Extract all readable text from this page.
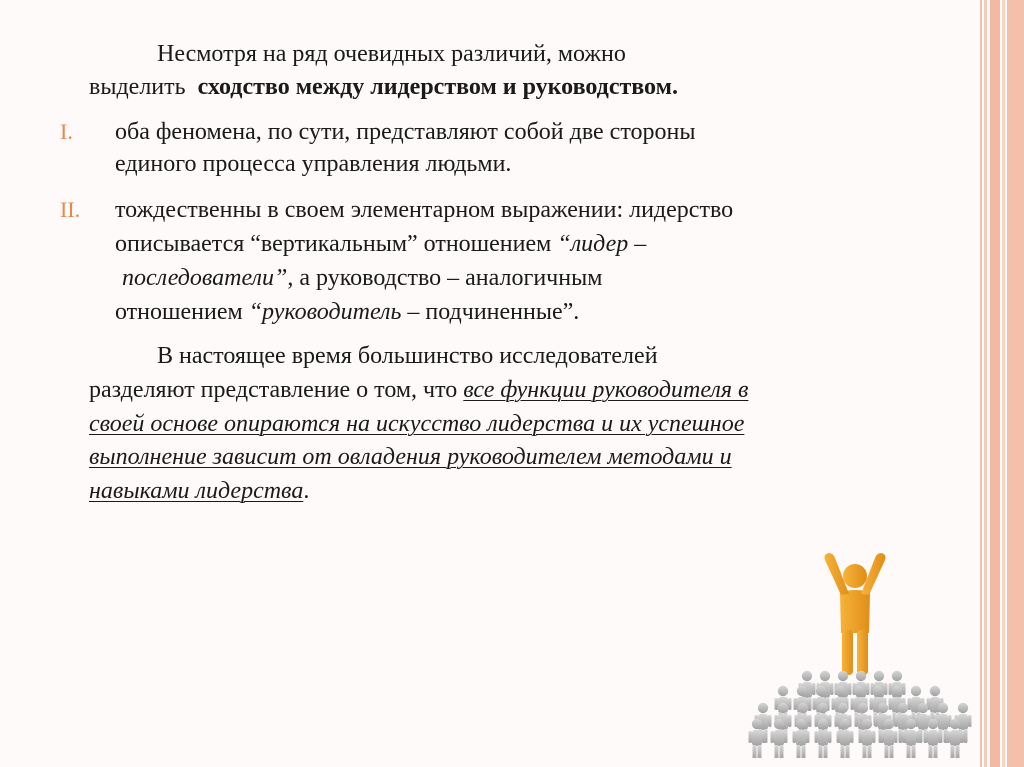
Несмотря на ряд очевидных различий, можно
выделить сходство между лидерством и руководством.
I. оба феномена, по сути, представляют собой две стороны
единого процесса управления людьми.
II. тождественны в своем элементарном выражении: лидерство
описывается “вертикальным” отношением “лидер –
последователи”, а руководство – аналогичным
отношением “руководитель – подчиненные”.
В настоящее время большинство исследователей
разделяют представление о том, что все функции руководителя в
своей основе опираются на искусство лидерства и их успешное
выполнение зависит от овладения руководителем методами и
навыками лидерства.
